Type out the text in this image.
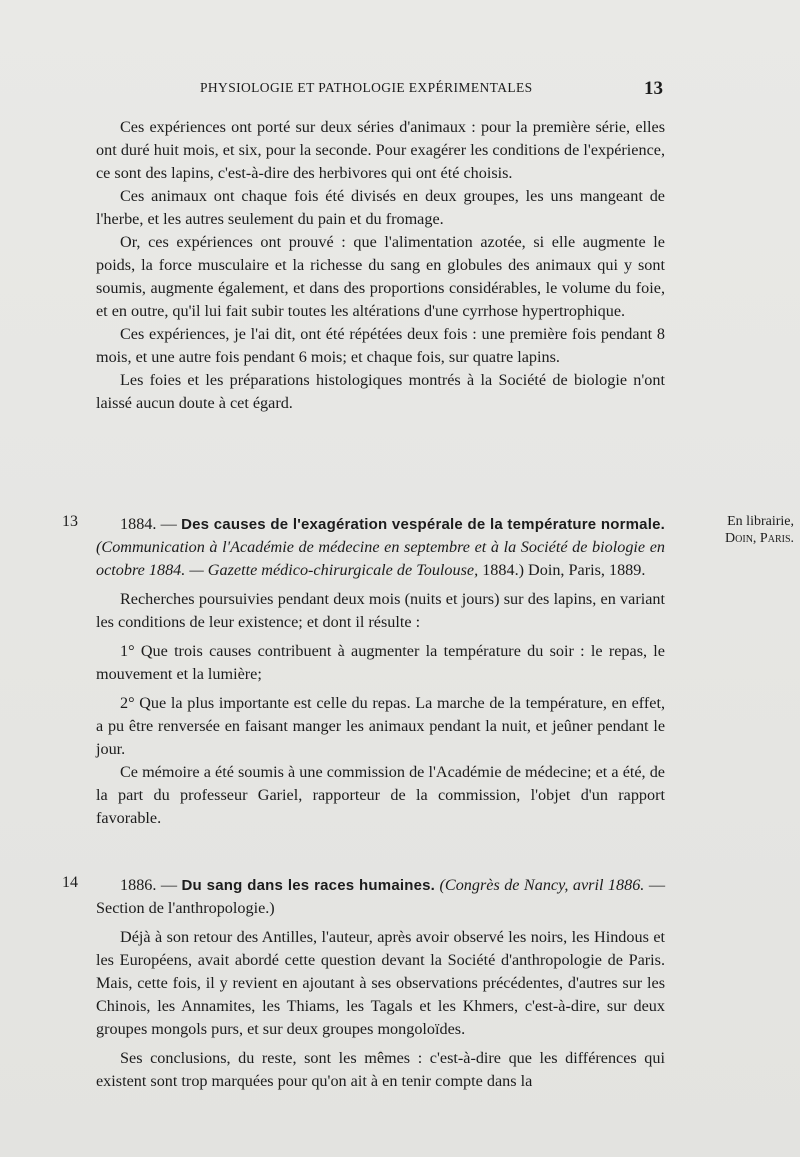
PHYSIOLOGIE ET PATHOLOGIE EXPÉRIMENTALES	13

Ces expériences ont porté sur deux séries d'animaux : pour la première série, elles ont duré huit mois, et six, pour la seconde. Pour exagérer les conditions de l'expérience, ce sont des lapins, c'est-à-dire des herbivores qui ont été choisis.

Ces animaux ont chaque fois été divisés en deux groupes, les uns mangeant de l'herbe, et les autres seulement du pain et du fromage.

Or, ces expériences ont prouvé : que l'alimentation azotée, si elle augmente le poids, la force musculaire et la richesse du sang en globules des animaux qui y sont soumis, augmente également, et dans des proportions considérables, le volume du foie, et en outre, qu'il lui fait subir toutes les altérations d'une cyrrhose hypertrophique.

Ces expériences, je l'ai dit, ont été répétées deux fois : une première fois pendant 8 mois, et une autre fois pendant 6 mois; et chaque fois, sur quatre lapins.

Les foies et les préparations histologiques montrés à la Société de biologie n'ont laissé aucun doute à cet égard.

13	En librairie,
Doin, Paris.

1884. — Des causes de l'exagération vespérale de la température normale. (Communication à l'Académie de médecine en septembre et à la Société de biologie en octobre 1884. — Gazette médico-chirurgicale de Toulouse, 1884.) Doin, Paris, 1889.

Recherches poursuivies pendant deux mois (nuits et jours) sur des lapins, en variant les conditions de leur existence; et dont il résulte :

1° Que trois causes contribuent à augmenter la température du soir : le repas, le mouvement et la lumière;

2° Que la plus importante est celle du repas. La marche de la température, en effet, a pu être renversée en faisant manger les animaux pendant la nuit, et jeûner pendant le jour.

Ce mémoire a été soumis à une commission de l'Académie de médecine; et a été, de la part du professeur Gariel, rapporteur de la commission, l'objet d'un rapport favorable.

14	1886. — Du sang dans les races humaines. (Congrès de Nancy, avril 1886. — Section de l'anthropologie.)

Déjà à son retour des Antilles, l'auteur, après avoir observé les noirs, les Hindous et les Européens, avait abordé cette question devant la Société d'anthropologie de Paris. Mais, cette fois, il y revient en ajoutant à ses observations précédentes, d'autres sur les Chinois, les Annamites, les Thiams, les Tagals et les Khmers, c'est-à-dire, sur deux groupes mongols purs, et sur deux groupes mongoloïdes.

Ses conclusions, du reste, sont les mêmes : c'est-à-dire que les différences qui existent sont trop marquées pour qu'on ait à en tenir compte dans la
